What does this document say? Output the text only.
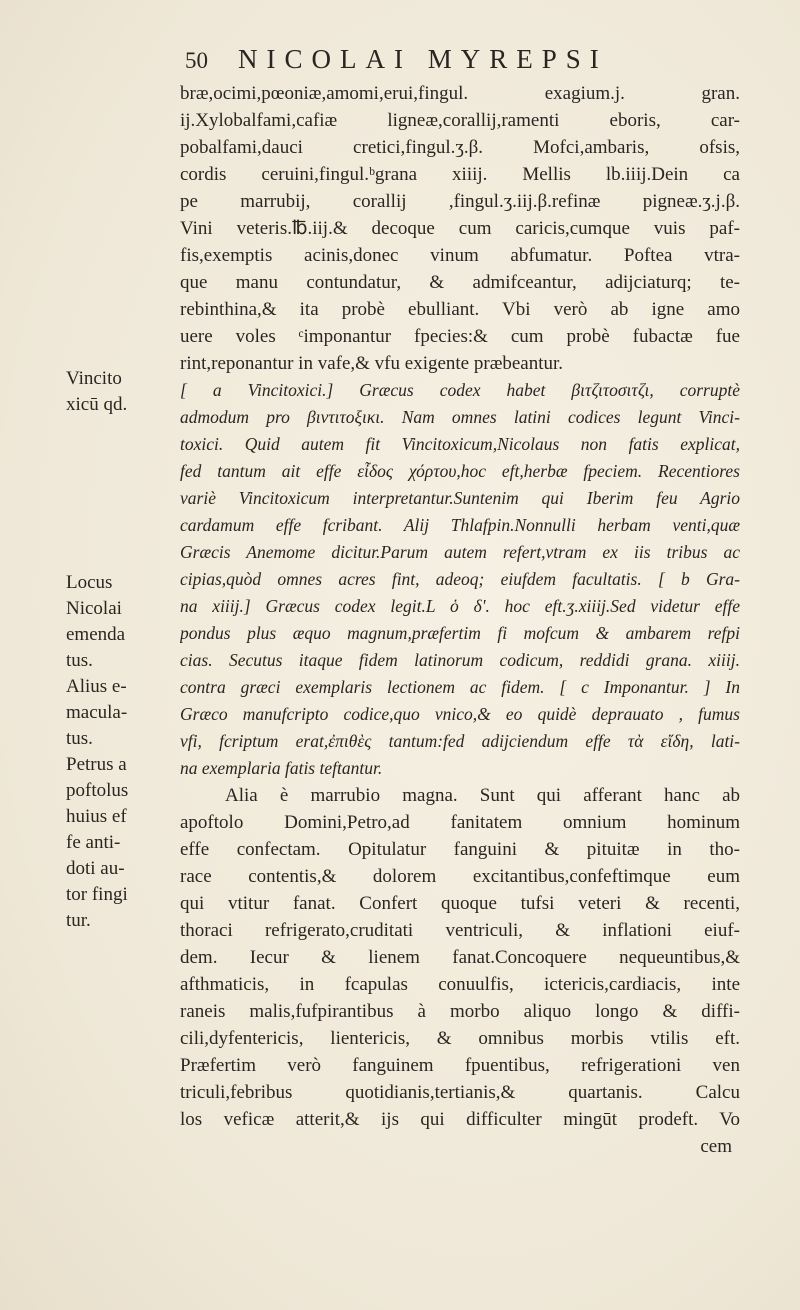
50 NICOLAI MYREPSI
bræ,ocimi,pœoniæ,amomi,erui,fingul. exagium.j. gran.
ij.Xylobalfami,cafiæ ligneæ,corallij,ramenti eboris, car-
pobalfami,dauci cretici,fingul.ʒ.β. Mofci,ambaris, ofsis,
cordis ceruini,fingul.ᵇgrana xiiij. Mellis lb.iiij.Dein ca
pe marrubij, corallij ,fingul.ʒ.iij.β.refinæ pigneæ.ʒ.j.β.
Vini veteris.℔.iij.& decoque cum caricis,cumque vuis paf-
fis,exemptis acinis,donec vinum abfumatur. Poftea vtra-
que manu contundatur, & admifceantur, adijciaturq; te-
rebinthina,& ita probè ebulliant. Vbi verò ab igne amo
uere voles ᶜimponantur fpecies:& cum probè fubactæ fue
rint,reponantur in vafe,& vfu exigente præbeantur.
[ a Vincitoxici.] Græcus codex habet βιτζιτοσιτζι, corruptè
admodum pro βιντιτοξικι. Nam omnes latini codices legunt Vinci-
toxici. Quid autem fit Vincitoxicum,Nicolaus non fatis explicat,
fed tantum ait effe εἶδος χόρτου,hoc eft,herbæ fpeciem. Recentiores
variè Vincitoxicum interpretantur.Suntenim qui Iberim feu Agrio
cardamum effe fcribant. Alij Thlafpin.Nonnulli herbam venti,quæ
Græcis Anemome dicitur.Parum autem refert,vtram ex iis tribus ac
cipias,quòd omnes acres fint, adeoq; eiufdem facultatis. [ b Gra-
na xiiij.] Græcus codex legit.L ὁ δ'. hoc eft.ʒ.xiiij.Sed videtur effe
pondus plus æquo magnum,præfertim fi mofcum & ambarem refpi
cias. Secutus itaque fidem latinorum codicum, reddidi grana. xiiij.
contra græci exemplaris lectionem ac fidem. [ c Imponantur. ] In
Græco manufcripto codice,quo vnico,& eo quidè deprauato , fumus
vfi, fcriptum erat,ἐπιθὲς tantum:fed adijciendum effe τὰ εἴδη, lati-
na exemplaria fatis teftantur.
Alia è marrubio magna. Sunt qui afferant hanc ab
apoftolo Domini,Petro,ad fanitatem omnium hominum
effe confectam. Opitulatur fanguini & pituitæ in tho-
race contentis,& dolorem excitantibus,confeftimque eum
qui vtitur fanat. Confert quoque tufsi veteri & recenti,
thoraci refrigerato,cruditati ventriculi, & inflationi eiuf-
dem. Iecur & lienem fanat.Concoquere nequeuntibus,&
afthmaticis, in fcapulas conuulfis, ictericis,cardiacis, inte
raneis malis,fufpirantibus à morbo aliquo longo & diffi-
cili,dyfentericis, lientericis, & omnibus morbis vtilis eft.
Præfertim verò fanguinem fpuentibus, refrigerationi ven
triculi,febribus quotidianis,tertianis,& quartanis. Calcu
los veficæ atterit,& ijs qui difficulter mingūt prodeft. Vo
cem
Vincito
xicū qd.
Locus
Nicolai
emenda
tus.
Alius e-
macula-
tus.
Petrus a
poftolus
huius ef
fe anti-
doti au-
tor fingi
tur.
